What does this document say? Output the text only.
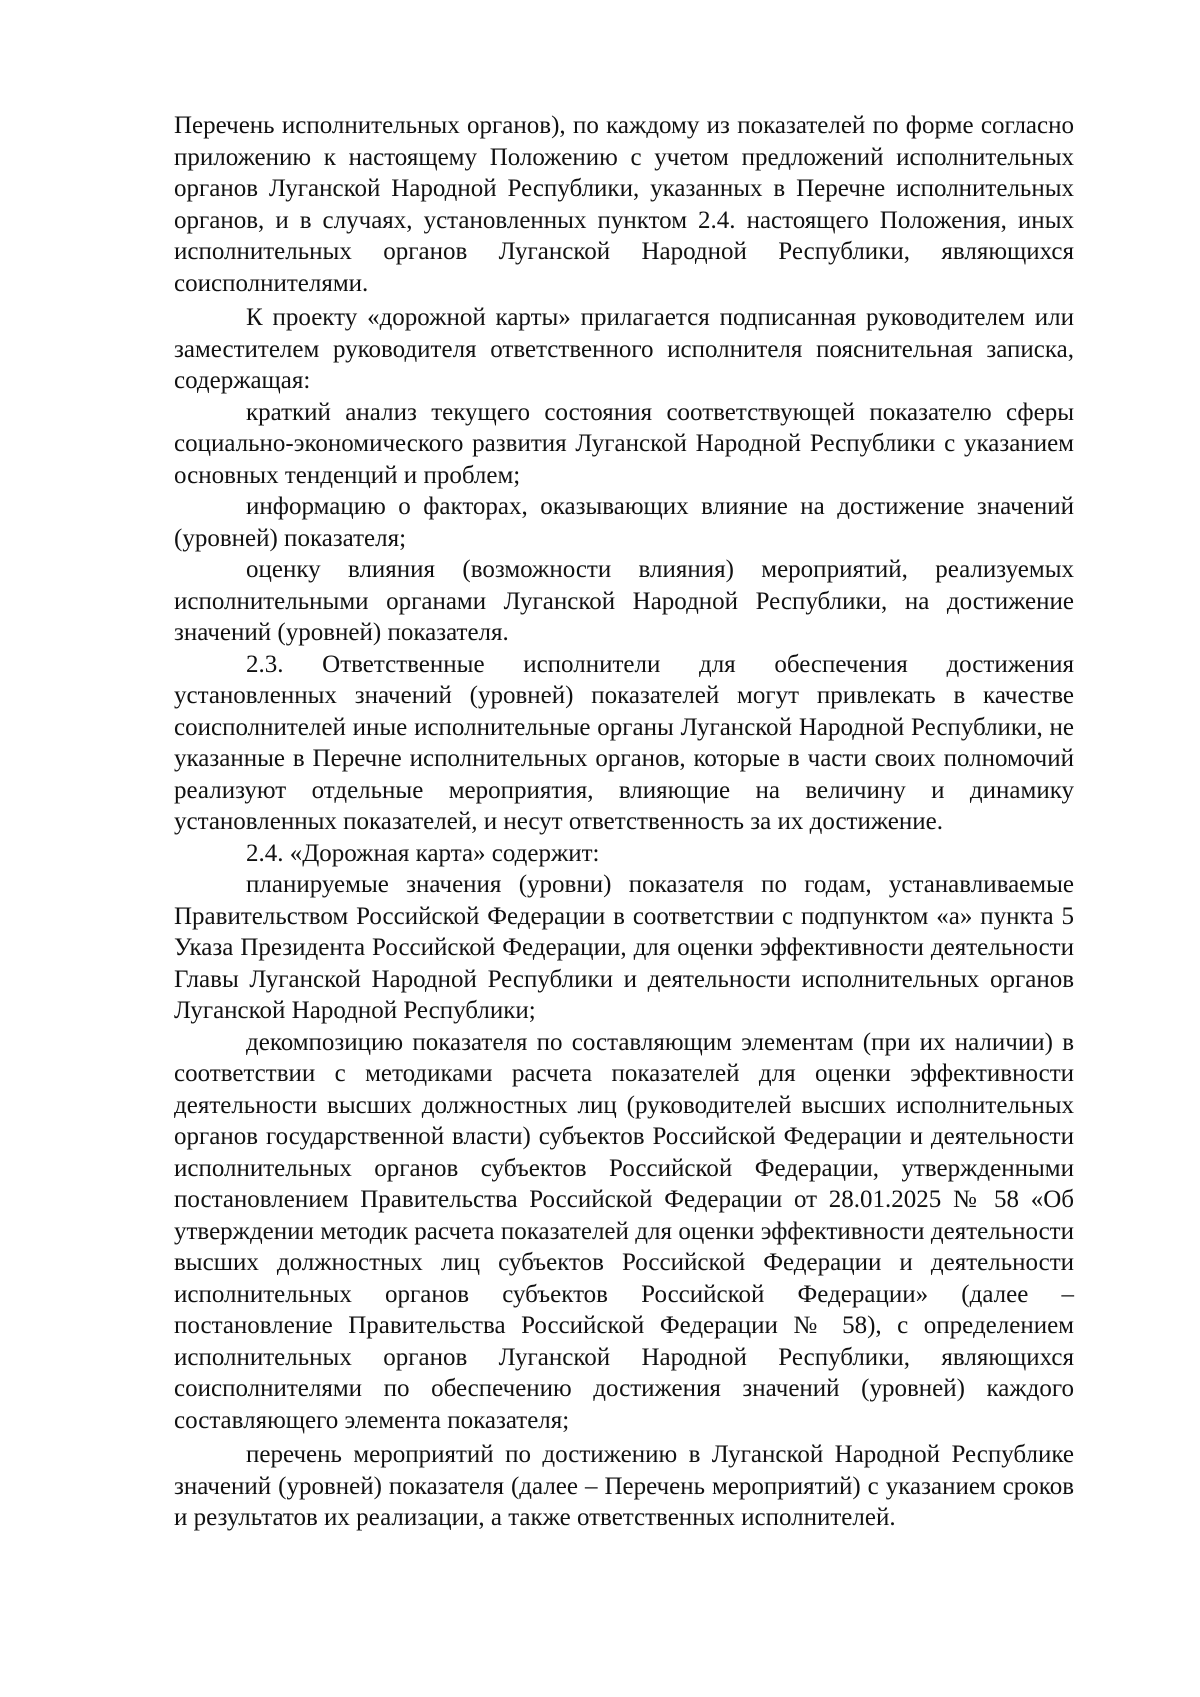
Перечень исполнительных органов), по каждому из показателей по форме согласно приложению к настоящему Положению с учетом предложений исполнительных органов Луганской Народной Республики, указанных в Перечне исполнительных органов, и в случаях, установленных пунктом 2.4. настоящего Положения, иных исполнительных органов Луганской Народной Республики, являющихся соисполнителями.

К проекту «дорожной карты» прилагается подписанная руководителем или заместителем руководителя ответственного исполнителя пояснительная записка, содержащая:

краткий анализ текущего состояния соответствующей показателю сферы социально-экономического развития Луганской Народной Республики с указанием основных тенденций и проблем;

информацию о факторах, оказывающих влияние на достижение значений (уровней) показателя;

оценку влияния (возможности влияния) мероприятий, реализуемых исполнительными органами Луганской Народной Республики, на достижение значений (уровней) показателя.

2.3. Ответственные исполнители для обеспечения достижения установленных значений (уровней) показателей могут привлекать в качестве соисполнителей иные исполнительные органы Луганской Народной Республики, не указанные в Перечне исполнительных органов, которые в части своих полномочий реализуют отдельные мероприятия, влияющие на величину и динамику установленных показателей, и несут ответственность за их достижение.

2.4. «Дорожная карта» содержит:

планируемые значения (уровни) показателя по годам, устанавливаемые Правительством Российской Федерации в соответствии с подпунктом «а» пункта 5 Указа Президента Российской Федерации, для оценки эффективности деятельности Главы Луганской Народной Республики и деятельности исполнительных органов Луганской Народной Республики;

декомпозицию показателя по составляющим элементам (при их наличии) в соответствии с методиками расчета показателей для оценки эффективности деятельности высших должностных лиц (руководителей высших исполнительных органов государственной власти) субъектов Российской Федерации и деятельности исполнительных органов субъектов Российской Федерации, утвержденными постановлением Правительства Российской Федерации от 28.01.2025 № 58 «Об утверждении методик расчета показателей для оценки эффективности деятельности высших должностных лиц субъектов Российской Федерации и деятельности исполнительных органов субъектов Российской Федерации» (далее – постановление Правительства Российской Федерации № 58), с определением исполнительных органов Луганской Народной Республики, являющихся соисполнителями по обеспечению достижения значений (уровней) каждого составляющего элемента показателя;

перечень мероприятий по достижению в Луганской Народной Республике значений (уровней) показателя (далее – Перечень мероприятий) с указанием сроков и результатов их реализации, а также ответственных исполнителей.
